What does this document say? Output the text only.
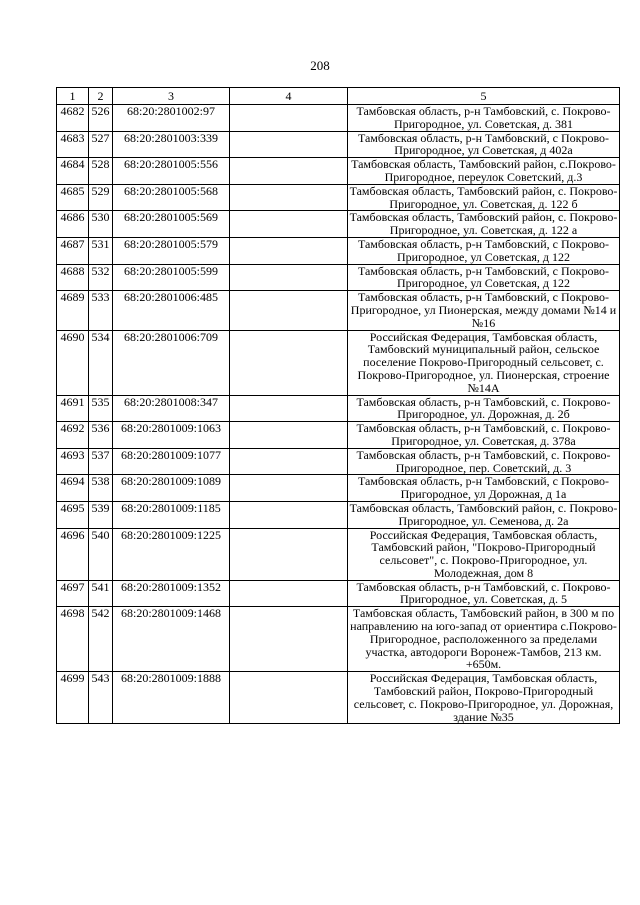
208
1	2	3	4	5
4682	526	68:20:2801002:97		Тамбовская область, р-н Тамбовский, с. Покрово-Пригородное, ул. Советская, д. 381
4683	527	68:20:2801003:339		Тамбовская область, р-н Тамбовский, с Покрово-Пригородное, ул Советская, д 402а
4684	528	68:20:2801005:556		Тамбовская область, Тамбовский район, с.Покрово-Пригородное, переулок Советский, д.3
4685	529	68:20:2801005:568		Тамбовская область, Тамбовский район, с. Покрово-Пригородное, ул. Советская, д. 122 б
4686	530	68:20:2801005:569		Тамбовская область, Тамбовский район, с. Покрово-Пригородное, ул. Советская, д. 122 а
4687	531	68:20:2801005:579		Тамбовская область, р-н Тамбовский, с Покрово-Пригородное, ул Советская, д 122
4688	532	68:20:2801005:599		Тамбовская область, р-н Тамбовский, с Покрово-Пригородное, ул Советская, д 122
4689	533	68:20:2801006:485		Тамбовская область, р-н Тамбовский, с Покрово-Пригородное, ул Пионерская, между домами №14 и №16
4690	534	68:20:2801006:709		Российская Федерация, Тамбовская область, Тамбовский муниципальный район, сельское поселение Покрово-Пригородный сельсовет, с. Покрово-Пригородное, ул. Пионерская, строение №14А
4691	535	68:20:2801008:347		Тамбовская область, р-н Тамбовский, с. Покрово-Пригородное, ул. Дорожная, д. 2б
4692	536	68:20:2801009:1063		Тамбовская область, р-н Тамбовский, с. Покрово-Пригородное, ул. Советская, д. 378а
4693	537	68:20:2801009:1077		Тамбовская область, р-н Тамбовский, с. Покрово-Пригородное, пер. Советский, д. 3
4694	538	68:20:2801009:1089		Тамбовская область, р-н Тамбовский, с Покрово-Пригородное, ул Дорожная, д 1а
4695	539	68:20:2801009:1185		Тамбовская область, Тамбовский район, с. Покрово-Пригородное, ул. Семенова, д. 2а
4696	540	68:20:2801009:1225		Российская Федерация, Тамбовская область, Тамбовский район, "Покрово-Пригородный сельсовет", с. Покрово-Пригородное, ул. Молодежная, дом 8
4697	541	68:20:2801009:1352		Тамбовская область, р-н Тамбовский, с. Покрово-Пригородное, ул. Советская, д. 5
4698	542	68:20:2801009:1468		Тамбовская область, Тамбовский район, в 300 м по направлению на юго-запад от ориентира с.Покрово-Пригородное, расположенного за пределами участка, автодороги Воронеж-Тамбов, 213 км. +650м.
4699	543	68:20:2801009:1888		Российская Федерация, Тамбовская область, Тамбовский район, Покрово-Пригородный сельсовет, с. Покрово-Пригородное, ул. Дорожная, здание №35
